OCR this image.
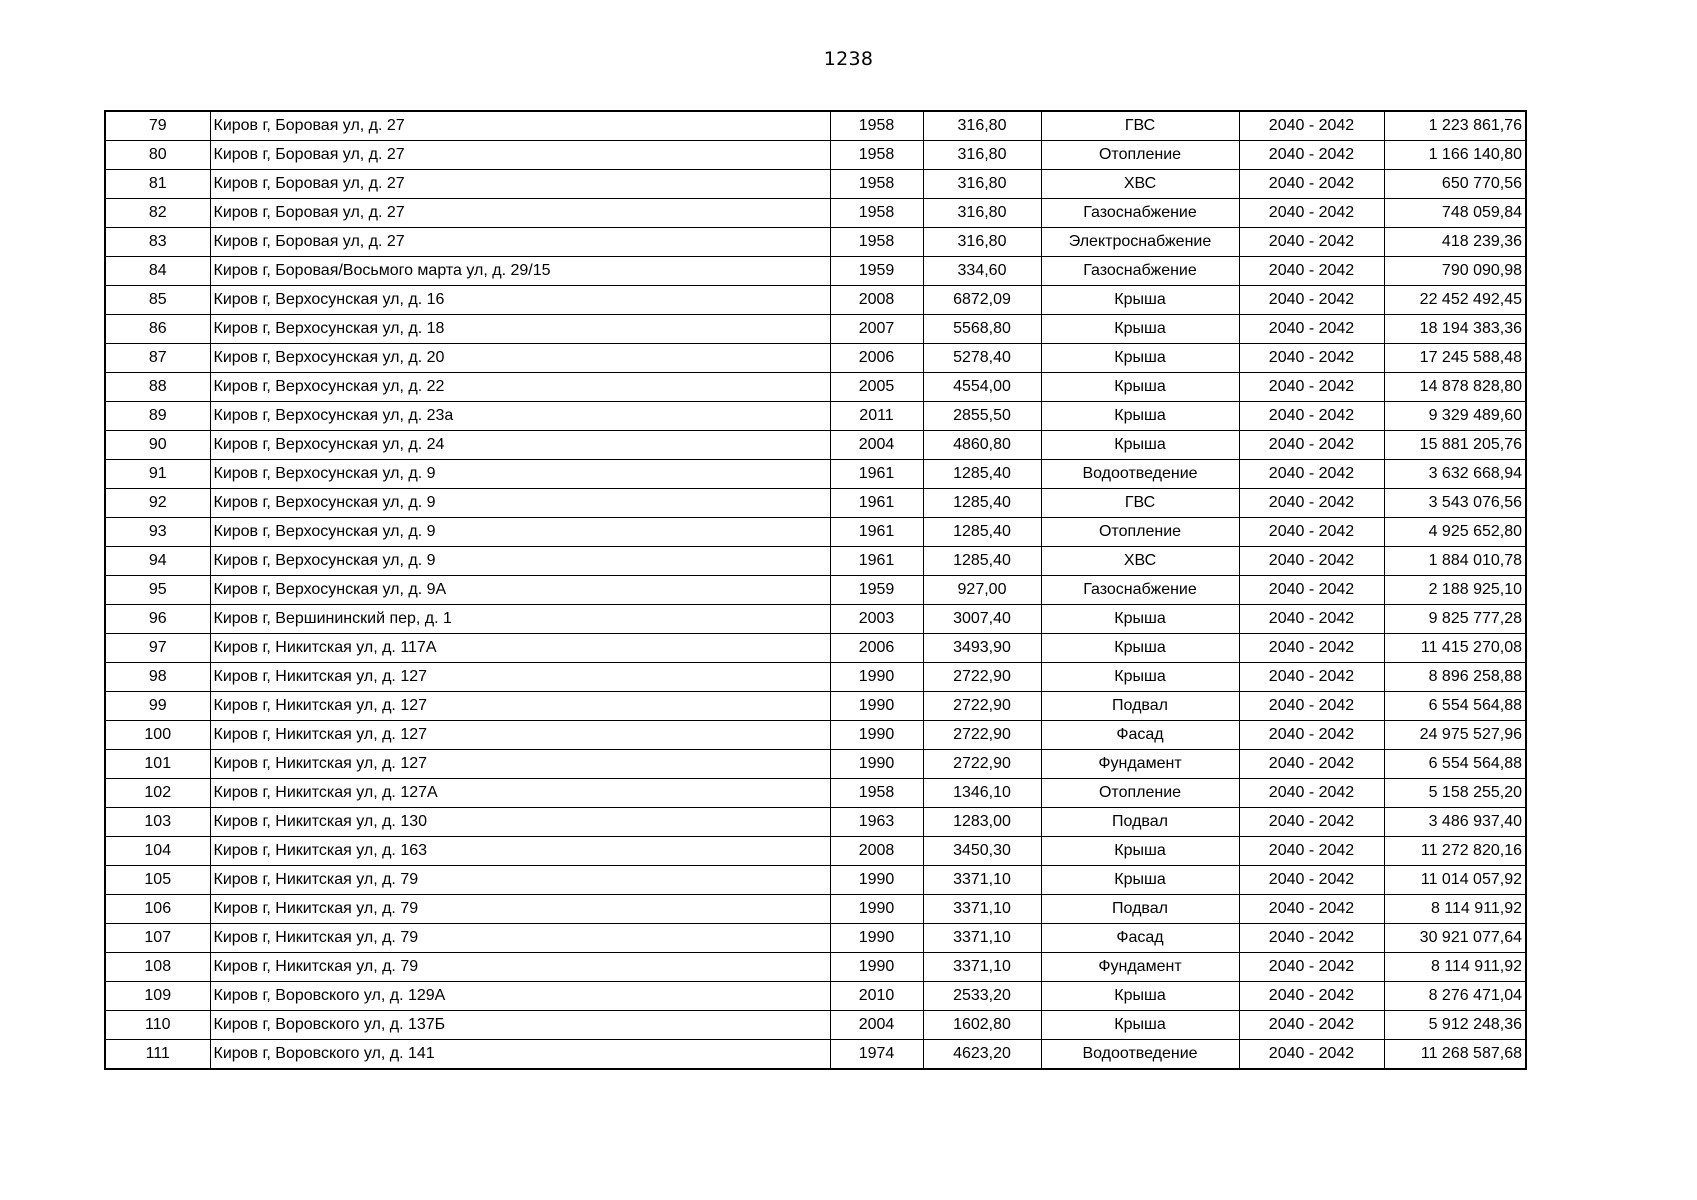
1238
79	Киров г, Боровая ул, д. 27	1958	316,80	ГВС	2040 - 2042	1 223 861,76
80	Киров г, Боровая ул, д. 27	1958	316,80	Отопление	2040 - 2042	1 166 140,80
81	Киров г, Боровая ул, д. 27	1958	316,80	ХВС	2040 - 2042	650 770,56
82	Киров г, Боровая ул, д. 27	1958	316,80	Газоснабжение	2040 - 2042	748 059,84
83	Киров г, Боровая ул, д. 27	1958	316,80	Электроснабжение	2040 - 2042	418 239,36
84	Киров г, Боровая/Восьмого марта ул, д. 29/15	1959	334,60	Газоснабжение	2040 - 2042	790 090,98
85	Киров г, Верхосунская ул, д. 16	2008	6872,09	Крыша	2040 - 2042	22 452 492,45
86	Киров г, Верхосунская ул, д. 18	2007	5568,80	Крыша	2040 - 2042	18 194 383,36
87	Киров г, Верхосунская ул, д. 20	2006	5278,40	Крыша	2040 - 2042	17 245 588,48
88	Киров г, Верхосунская ул, д. 22	2005	4554,00	Крыша	2040 - 2042	14 878 828,80
89	Киров г, Верхосунская ул, д. 23а	2011	2855,50	Крыша	2040 - 2042	9 329 489,60
90	Киров г, Верхосунская ул, д. 24	2004	4860,80	Крыша	2040 - 2042	15 881 205,76
91	Киров г, Верхосунская ул, д. 9	1961	1285,40	Водоотведение	2040 - 2042	3 632 668,94
92	Киров г, Верхосунская ул, д. 9	1961	1285,40	ГВС	2040 - 2042	3 543 076,56
93	Киров г, Верхосунская ул, д. 9	1961	1285,40	Отопление	2040 - 2042	4 925 652,80
94	Киров г, Верхосунская ул, д. 9	1961	1285,40	ХВС	2040 - 2042	1 884 010,78
95	Киров г, Верхосунская ул, д. 9А	1959	927,00	Газоснабжение	2040 - 2042	2 188 925,10
96	Киров г, Вершининский пер, д. 1	2003	3007,40	Крыша	2040 - 2042	9 825 777,28
97	Киров г, Никитская ул, д. 117А	2006	3493,90	Крыша	2040 - 2042	11 415 270,08
98	Киров г, Никитская ул, д. 127	1990	2722,90	Крыша	2040 - 2042	8 896 258,88
99	Киров г, Никитская ул, д. 127	1990	2722,90	Подвал	2040 - 2042	6 554 564,88
100	Киров г, Никитская ул, д. 127	1990	2722,90	Фасад	2040 - 2042	24 975 527,96
101	Киров г, Никитская ул, д. 127	1990	2722,90	Фундамент	2040 - 2042	6 554 564,88
102	Киров г, Никитская ул, д. 127А	1958	1346,10	Отопление	2040 - 2042	5 158 255,20
103	Киров г, Никитская ул, д. 130	1963	1283,00	Подвал	2040 - 2042	3 486 937,40
104	Киров г, Никитская ул, д. 163	2008	3450,30	Крыша	2040 - 2042	11 272 820,16
105	Киров г, Никитская ул, д. 79	1990	3371,10	Крыша	2040 - 2042	11 014 057,92
106	Киров г, Никитская ул, д. 79	1990	3371,10	Подвал	2040 - 2042	8 114 911,92
107	Киров г, Никитская ул, д. 79	1990	3371,10	Фасад	2040 - 2042	30 921 077,64
108	Киров г, Никитская ул, д. 79	1990	3371,10	Фундамент	2040 - 2042	8 114 911,92
109	Киров г, Воровского ул, д. 129А	2010	2533,20	Крыша	2040 - 2042	8 276 471,04
110	Киров г, Воровского ул, д. 137Б	2004	1602,80	Крыша	2040 - 2042	5 912 248,36
111	Киров г, Воровского ул, д. 141	1974	4623,20	Водоотведение	2040 - 2042	11 268 587,68
